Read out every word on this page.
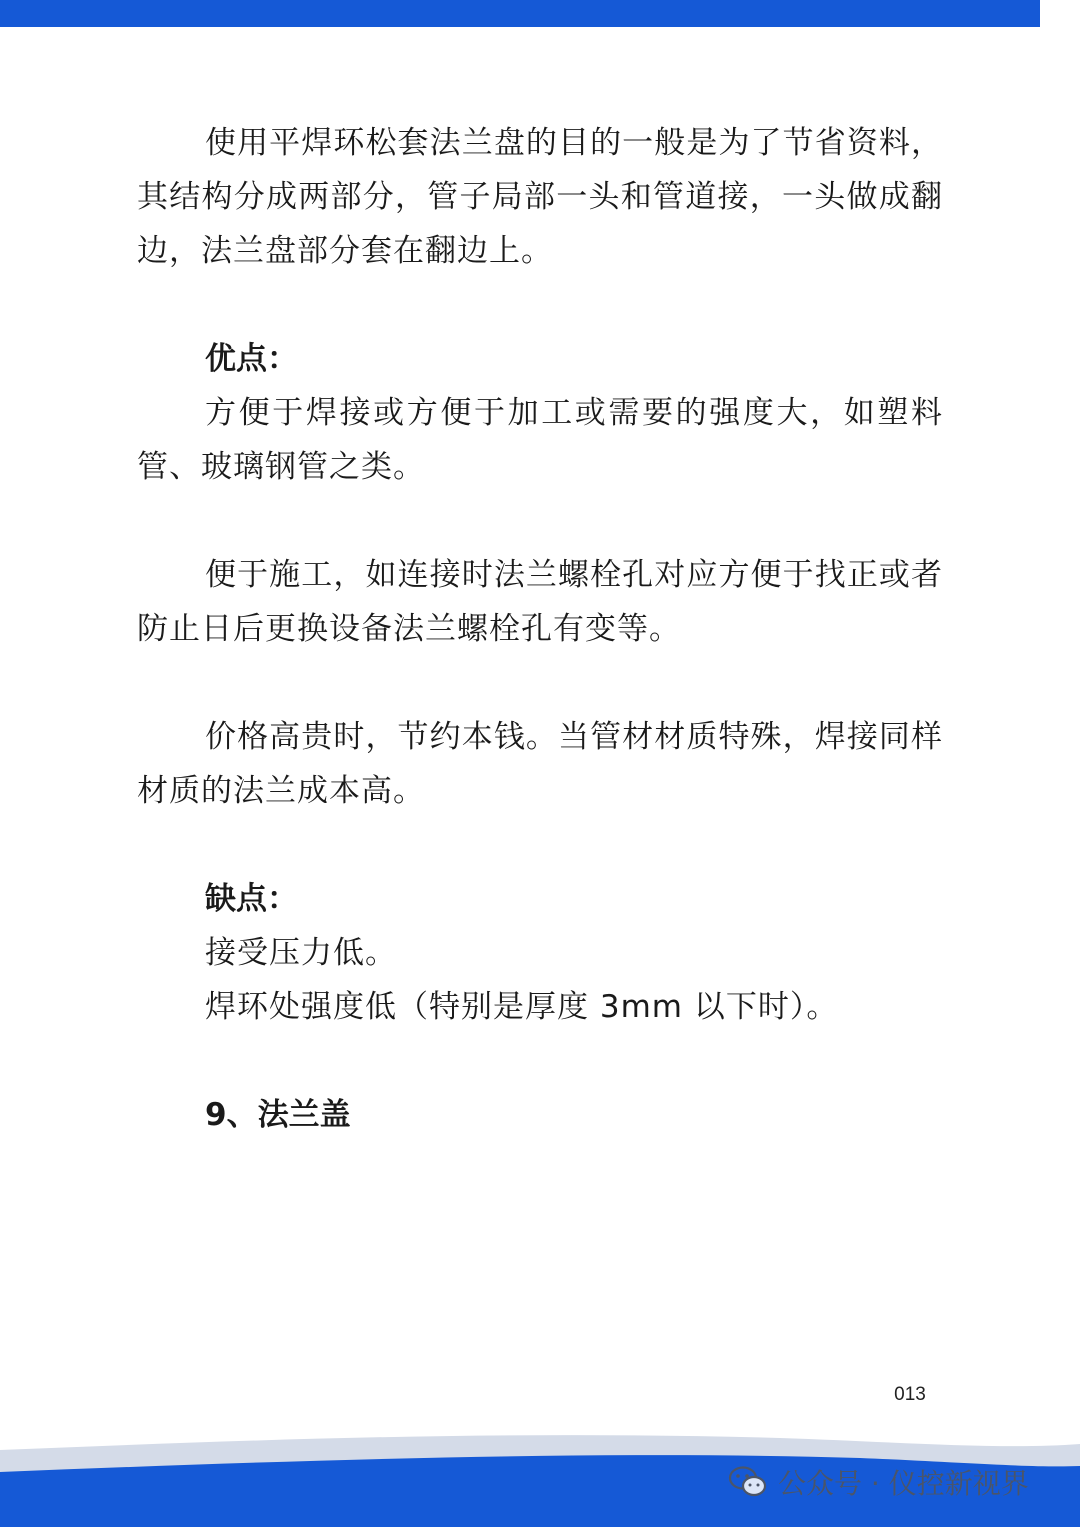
使用平焊环松套法兰盘的目的一般是为了节省资料，其结构分成两部分，管子局部一头和管道接，一头做成翻边，法兰盘部分套在翻边上。

优点：

方便于焊接或方便于加工或需要的强度大，如塑料管、玻璃钢管之类。

便于施工，如连接时法兰螺栓孔对应方便于找正或者防止日后更换设备法兰螺栓孔有变等。

价格高贵时，节约本钱。当管材材质特殊，焊接同样材质的法兰成本高。

缺点：

接受压力低。

焊环处强度低（特别是厚度 3mm 以下时）。

9、法兰盖

013
公众号 · 仪控新视界
